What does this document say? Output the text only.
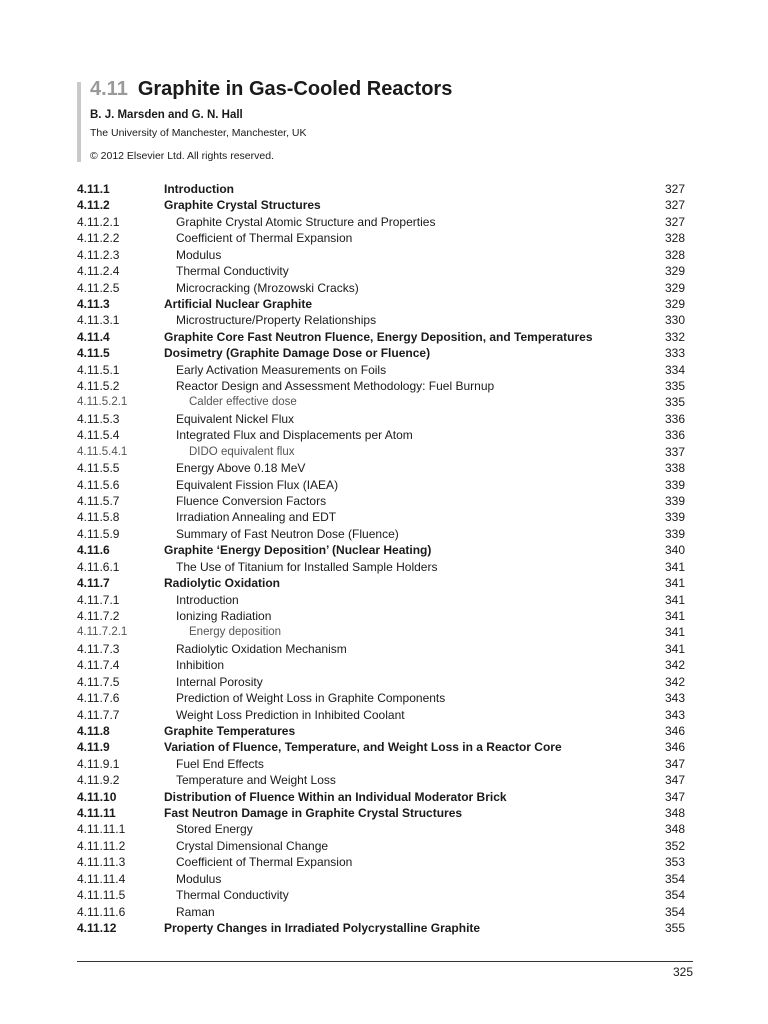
4.11 Graphite in Gas-Cooled Reactors
B. J. Marsden and G. N. Hall
The University of Manchester, Manchester, UK
© 2012 Elsevier Ltd. All rights reserved.
4.11.1	Introduction	327
4.11.2	Graphite Crystal Structures	327
4.11.2.1	Graphite Crystal Atomic Structure and Properties	327
4.11.2.2	Coefficient of Thermal Expansion	328
4.11.2.3	Modulus	328
4.11.2.4	Thermal Conductivity	329
4.11.2.5	Microcracking (Mrozowski Cracks)	329
4.11.3	Artificial Nuclear Graphite	329
4.11.3.1	Microstructure/Property Relationships	330
4.11.4	Graphite Core Fast Neutron Fluence, Energy Deposition, and Temperatures	332
4.11.5	Dosimetry (Graphite Damage Dose or Fluence)	333
4.11.5.1	Early Activation Measurements on Foils	334
4.11.5.2	Reactor Design and Assessment Methodology: Fuel Burnup	335
4.11.5.2.1	Calder effective dose	335
4.11.5.3	Equivalent Nickel Flux	336
4.11.5.4	Integrated Flux and Displacements per Atom	336
4.11.5.4.1	DIDO equivalent flux	337
4.11.5.5	Energy Above 0.18 MeV	338
4.11.5.6	Equivalent Fission Flux (IAEA)	339
4.11.5.7	Fluence Conversion Factors	339
4.11.5.8	Irradiation Annealing and EDT	339
4.11.5.9	Summary of Fast Neutron Dose (Fluence)	339
4.11.6	Graphite ‘Energy Deposition’ (Nuclear Heating)	340
4.11.6.1	The Use of Titanium for Installed Sample Holders	341
4.11.7	Radiolytic Oxidation	341
4.11.7.1	Introduction	341
4.11.7.2	Ionizing Radiation	341
4.11.7.2.1	Energy deposition	341
4.11.7.3	Radiolytic Oxidation Mechanism	341
4.11.7.4	Inhibition	342
4.11.7.5	Internal Porosity	342
4.11.7.6	Prediction of Weight Loss in Graphite Components	343
4.11.7.7	Weight Loss Prediction in Inhibited Coolant	343
4.11.8	Graphite Temperatures	346
4.11.9	Variation of Fluence, Temperature, and Weight Loss in a Reactor Core	346
4.11.9.1	Fuel End Effects	347
4.11.9.2	Temperature and Weight Loss	347
4.11.10	Distribution of Fluence Within an Individual Moderator Brick	347
4.11.11	Fast Neutron Damage in Graphite Crystal Structures	348
4.11.11.1	Stored Energy	348
4.11.11.2	Crystal Dimensional Change	352
4.11.11.3	Coefficient of Thermal Expansion	353
4.11.11.4	Modulus	354
4.11.11.5	Thermal Conductivity	354
4.11.11.6	Raman	354
4.11.12	Property Changes in Irradiated Polycrystalline Graphite	355
325
